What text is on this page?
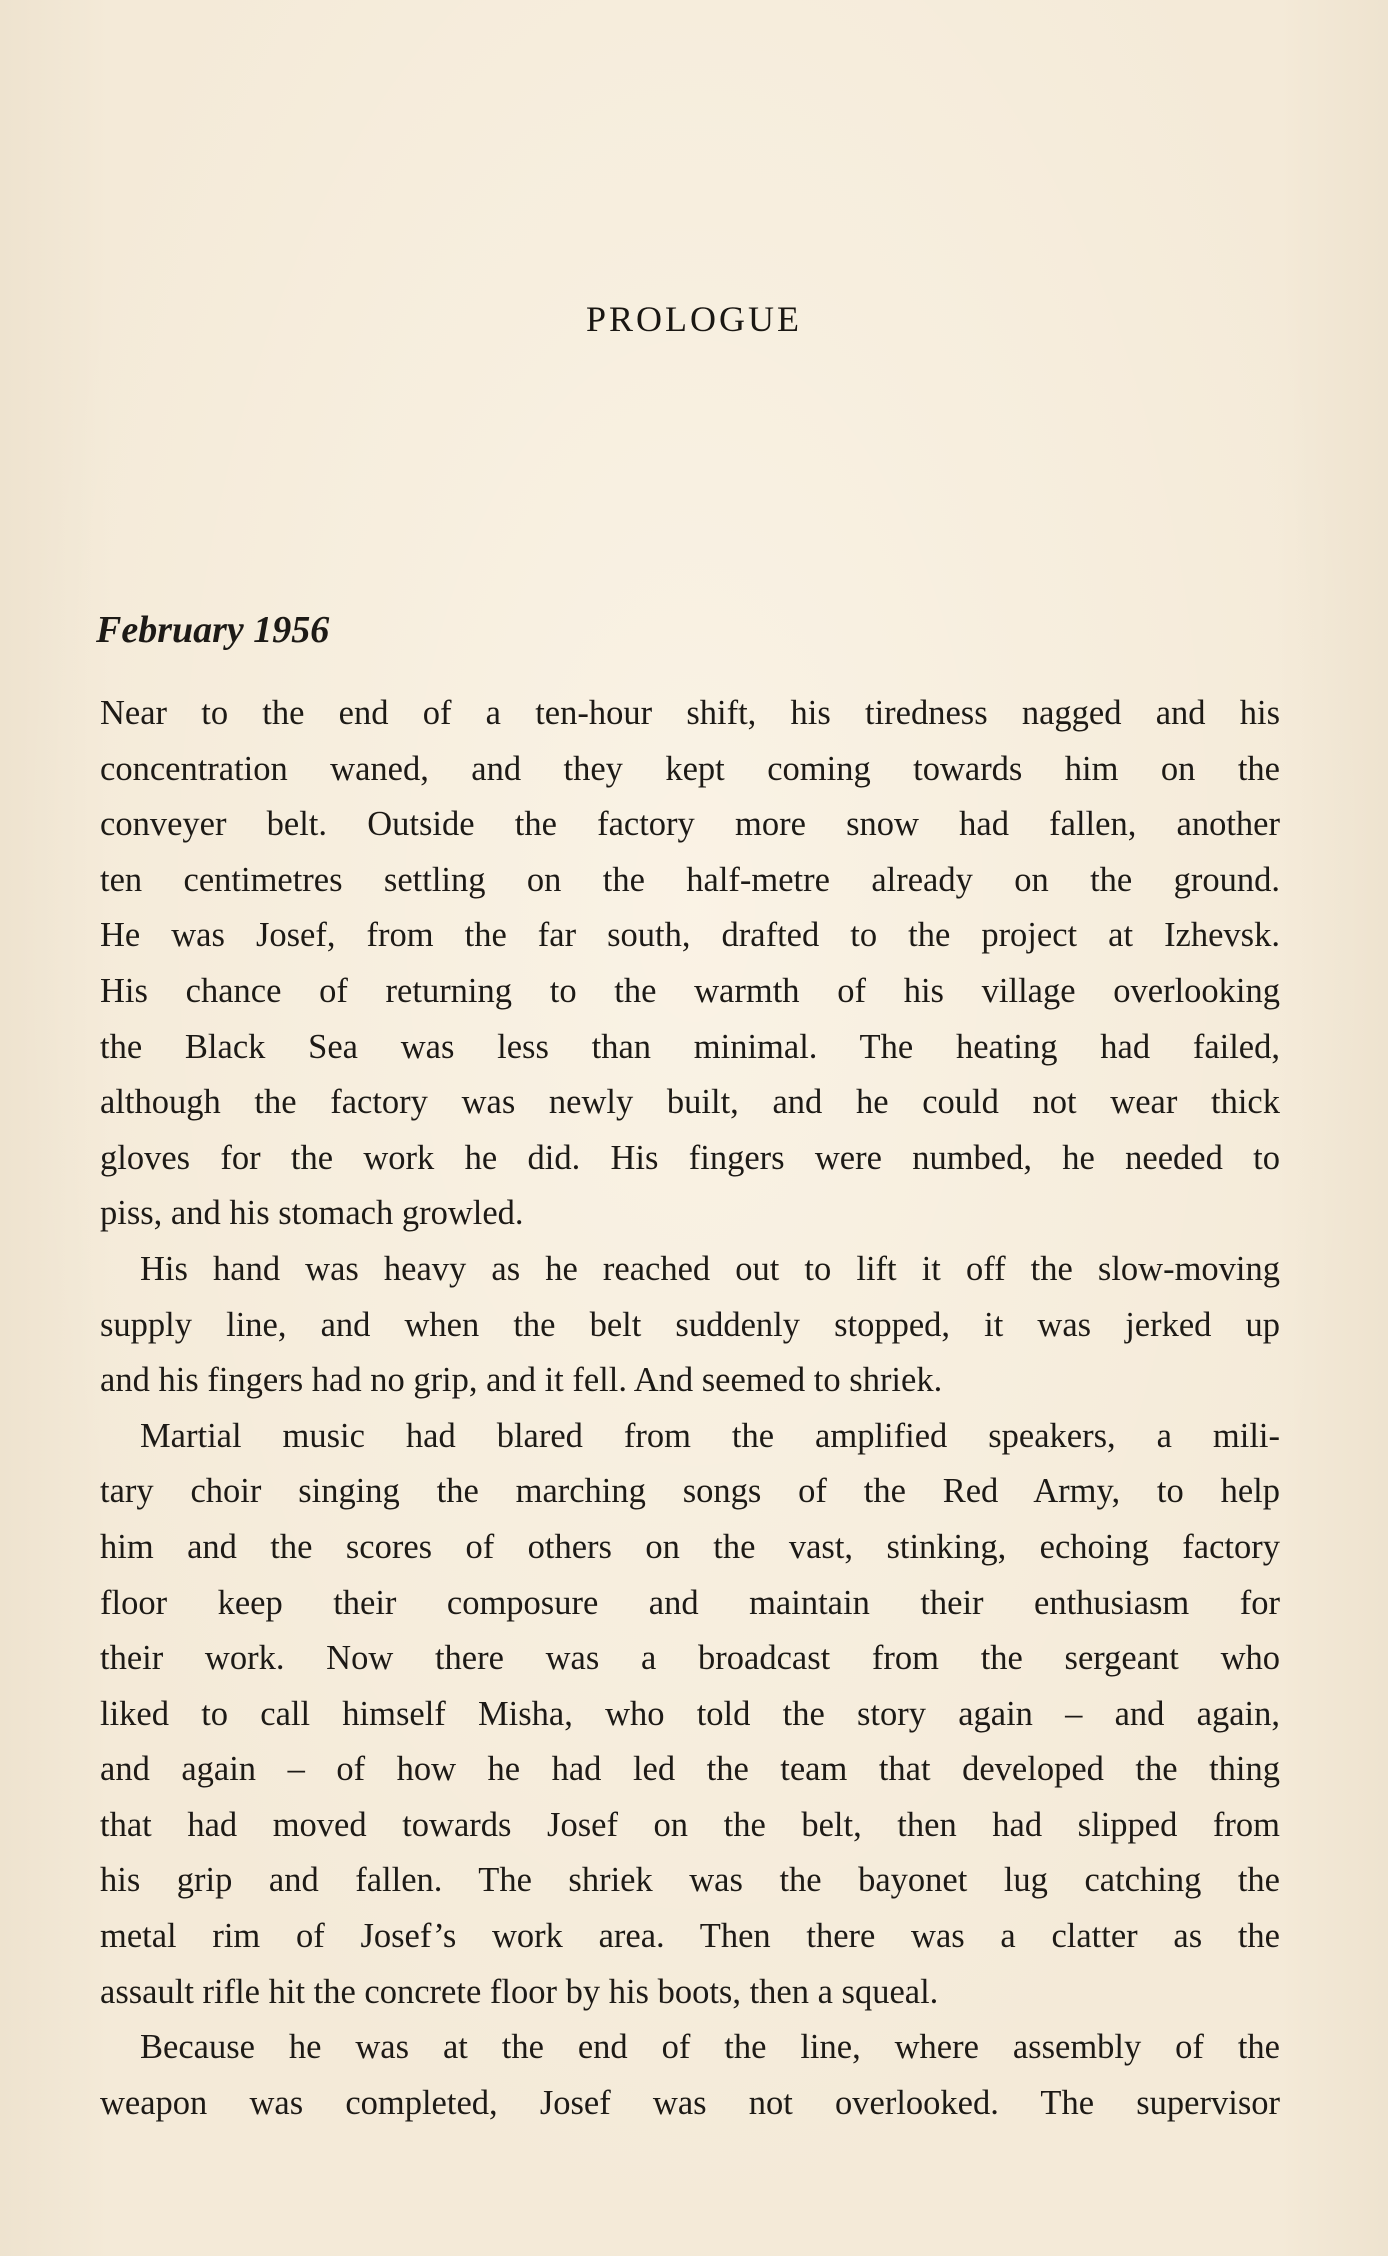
PROLOGUE
February 1956

Near to the end of a ten-hour shift, his tiredness nagged and his
concentration waned, and they kept coming towards him on the
conveyer belt. Outside the factory more snow had fallen, another
ten centimetres settling on the half-metre already on the ground.
He was Josef, from the far south, drafted to the project at Izhevsk.
His chance of returning to the warmth of his village overlooking
the Black Sea was less than minimal. The heating had failed,
although the factory was newly built, and he could not wear thick
gloves for the work he did. His fingers were numbed, he needed to
piss, and his stomach growled.

His hand was heavy as he reached out to lift it off the slow-moving
supply line, and when the belt suddenly stopped, it was jerked up
and his fingers had no grip, and it fell. And seemed to shriek.

Martial music had blared from the amplified speakers, a mili-
tary choir singing the marching songs of the Red Army, to help
him and the scores of others on the vast, stinking, echoing factory
floor keep their composure and maintain their enthusiasm for
their work. Now there was a broadcast from the sergeant who
liked to call himself Misha, who told the story again – and again,
and again – of how he had led the team that developed the thing
that had moved towards Josef on the belt, then had slipped from
his grip and fallen. The shriek was the bayonet lug catching the
metal rim of Josef’s work area. Then there was a clatter as the
assault rifle hit the concrete floor by his boots, then a squeal.

Because he was at the end of the line, where assembly of the
weapon was completed, Josef was not overlooked. The supervisor
